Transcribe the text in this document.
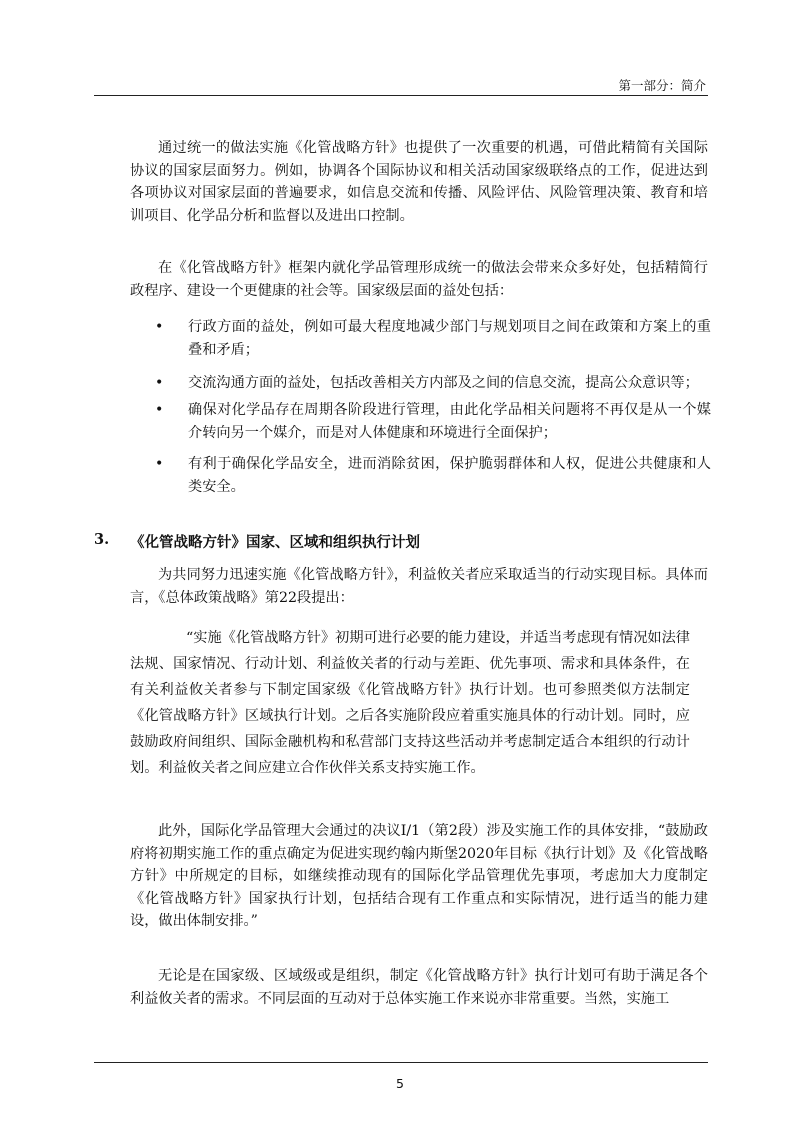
第一部分：简介

通过统一的做法实施《化管战略方针》也提供了一次重要的机遇，可借此精简有关国际协议的国家层面努力。例如，协调各个国际协议和相关活动国家级联络点的工作，促进达到各项协议对国家层面的普遍要求，如信息交流和传播、风险评估、风险管理决策、教育和培训项目、化学品分析和监督以及进出口控制。

在《化管战略方针》框架内就化学品管理形成统一的做法会带来众多好处，包括精简行政程序、建设一个更健康的社会等。国家级层面的益处包括：

• 行政方面的益处，例如可最大程度地减少部门与规划项目之间在政策和方案上的重叠和矛盾；
• 交流沟通方面的益处，包括改善相关方内部及之间的信息交流，提高公众意识等；
• 确保对化学品存在周期各阶段进行管理，由此化学品相关问题将不再仅是从一个媒介转向另一个媒介，而是对人体健康和环境进行全面保护；
• 有利于确保化学品安全，进而消除贫困，保护脆弱群体和人权，促进公共健康和人类安全。
3. 《化管战略方针》国家、区域和组织执行计划

为共同努力迅速实施《化管战略方针》，利益攸关者应采取适当的行动实现目标。具体而言，《总体政策战略》第22段提出：

“实施《化管战略方针》初期可进行必要的能力建设，并适当考虑现有情况如法律法规、国家情况、行动计划、利益攸关者的行动与差距、优先事项、需求和具体条件，在有关利益攸关者参与下制定国家级《化管战略方针》执行计划。也可参照类似方法制定《化管战略方针》区域执行计划。之后各实施阶段应着重实施具体的行动计划。同时，应鼓励政府间组织、国际金融机构和私营部门支持这些活动并考虑制定适合本组织的行动计划。利益攸关者之间应建立合作伙伴关系支持实施工作。

此外，国际化学品管理大会通过的决议I/1（第2段）涉及实施工作的具体安排，“鼓励政府将初期实施工作的重点确定为促进实现约翰内斯堡2020年目标《执行计划》及《化管战略方针》中所规定的目标，如继续推动现有的国际化学品管理优先事项，考虑加大力度制定《化管战略方针》国家执行计划，包括结合现有工作重点和实际情况，进行适当的能力建设，做出体制安排。”

无论是在国家级、区域级或是组织，制定《化管战略方针》执行计划可有助于满足各个利益攸关者的需求。不同层面的互动对于总体实施工作来说亦非常重要。当然，实施工

5
